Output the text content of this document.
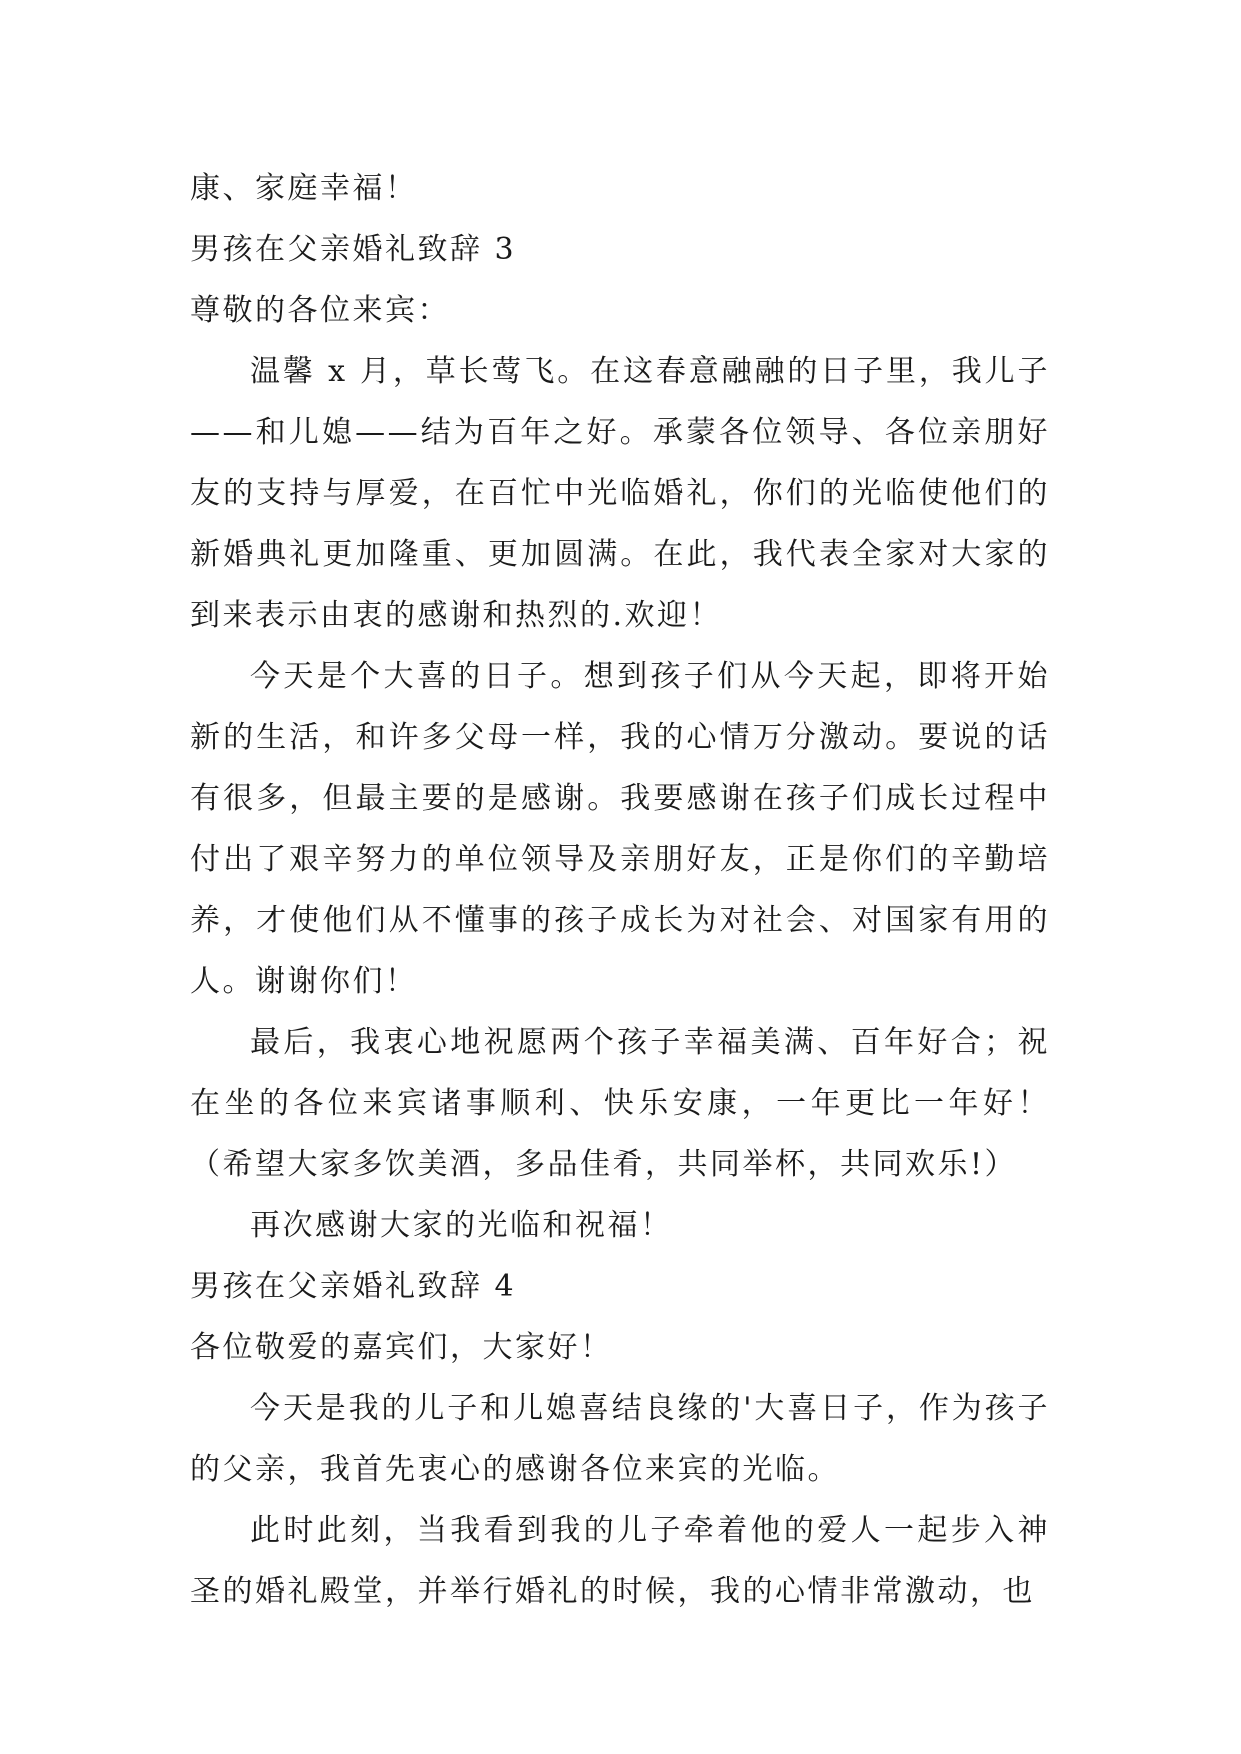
康、家庭幸福！
男孩在父亲婚礼致辞 3
尊敬的各位来宾：
温馨 x 月，草长莺飞。在这春意融融的日子里，我儿子——和儿媳——结为百年之好。承蒙各位领导、各位亲朋好友的支持与厚爱，在百忙中光临婚礼，你们的光临使他们的新婚典礼更加隆重、更加圆满。在此，我代表全家对大家的到来表示由衷的感谢和热烈的.欢迎！
今天是个大喜的日子。想到孩子们从今天起，即将开始新的生活，和许多父母一样，我的心情万分激动。要说的话有很多，但最主要的是感谢。我要感谢在孩子们成长过程中付出了艰辛努力的单位领导及亲朋好友，正是你们的辛勤培养，才使他们从不懂事的孩子成长为对社会、对国家有用的人。谢谢你们！
最后，我衷心地祝愿两个孩子幸福美满、百年好合；祝在坐的各位来宾诸事顺利、快乐安康，一年更比一年好！（希望大家多饮美酒，多品佳肴，共同举杯，共同欢乐!）
再次感谢大家的光临和祝福！
男孩在父亲婚礼致辞 4
各位敬爱的嘉宾们，大家好！
今天是我的儿子和儿媳喜结良缘的'大喜日子，作为孩子的父亲，我首先衷心的感谢各位来宾的光临。
此时此刻，当我看到我的儿子牵着他的爱人一起步入神圣的婚礼殿堂，并举行婚礼的时候，我的心情非常激动，也
